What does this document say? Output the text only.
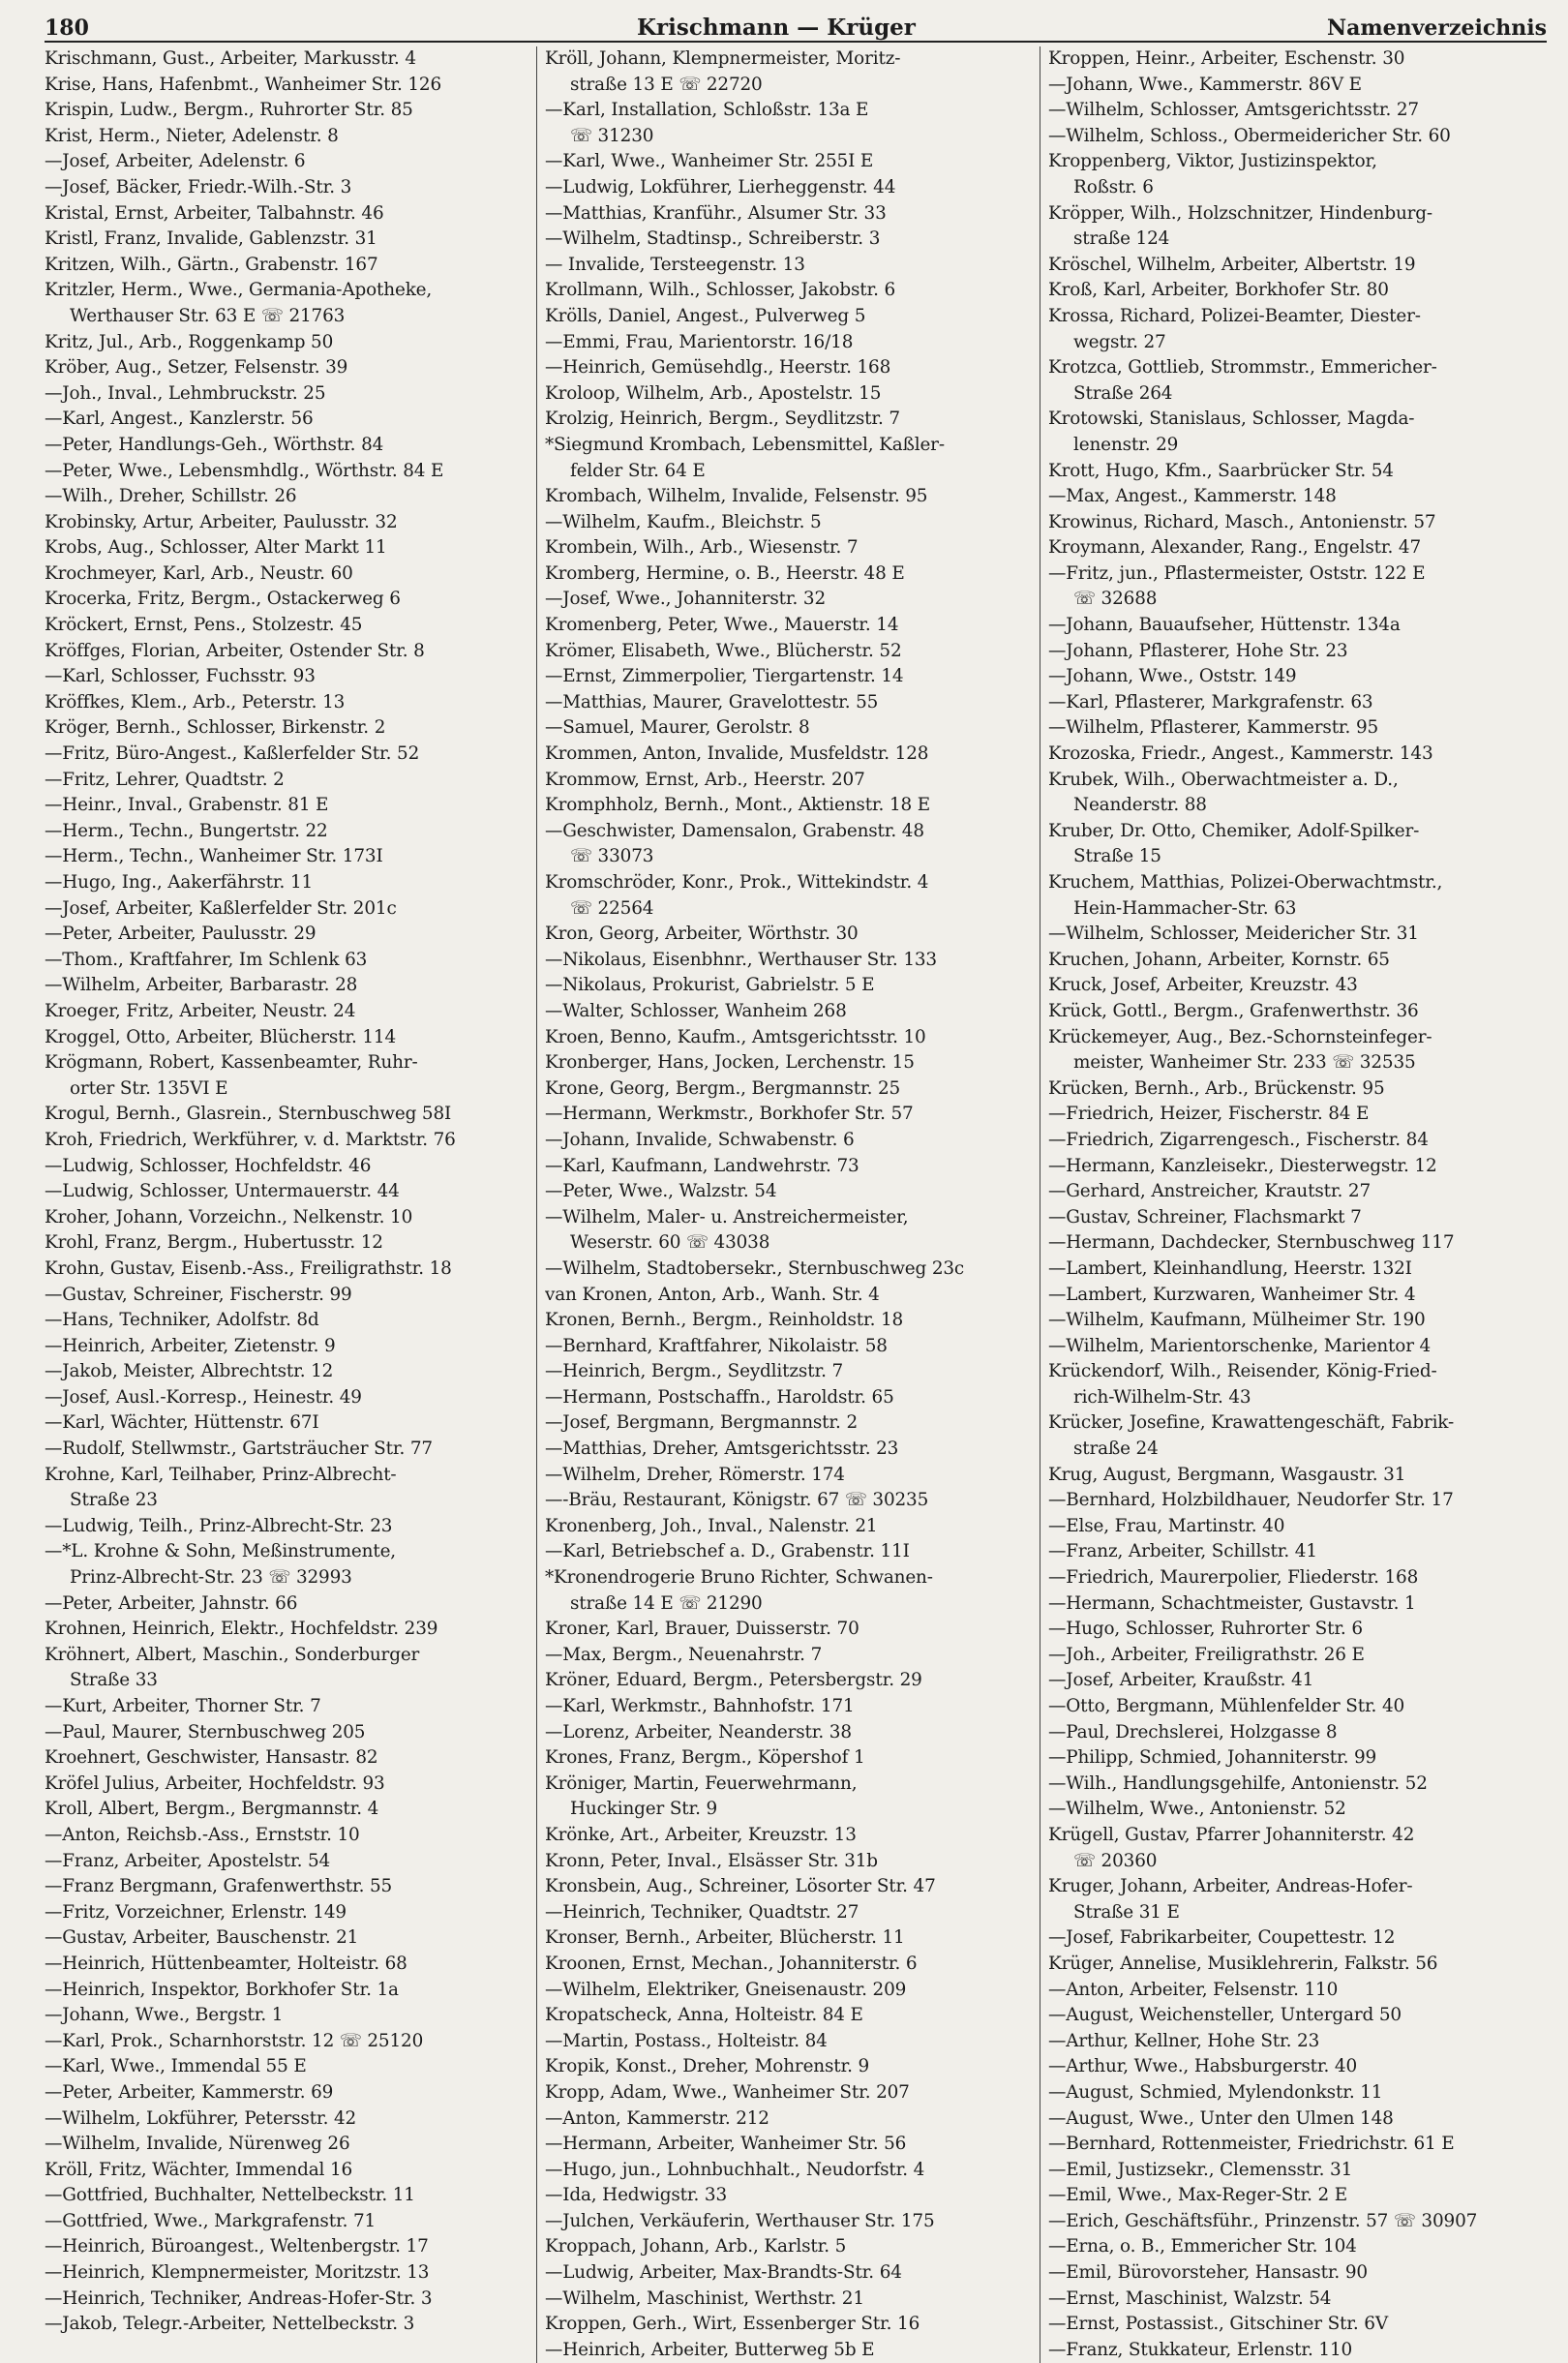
180	Krischmann — Krüger	Namenverzeichnis
Krischmann, Gust., Arbeiter, Markusstr. 4
Krise, Hans, Hafenbmt., Wanheimer Str. 126
Krispin, Ludw., Bergm., Ruhrorter Str. 85
Krist, Herm., Nieter, Adelenstr. 8
—Josef, Arbeiter, Adelenstr. 6
—Josef, Bäcker, Friedr.-Wilh.-Str. 3
Kristal, Ernst, Arbeiter, Talbahnstr. 46
Kristl, Franz, Invalide, Gablenzstr. 31
Kritzen, Wilh., Gärtn., Grabenstr. 167
Kritzler, Herm., Wwe., Germania-Apotheke,
Werthauser Str. 63 E ☏ 21763
Kritz, Jul., Arb., Roggenkamp 50
Kröber, Aug., Setzer, Felsenstr. 39
—Joh., Inval., Lehmbruckstr. 25
—Karl, Angest., Kanzlerstr. 56
—Peter, Handlungs-Geh., Wörthstr. 84
—Peter, Wwe., Lebensmhdlg., Wörthstr. 84 E
—Wilh., Dreher, Schillstr. 26
Krobinsky, Artur, Arbeiter, Paulusstr. 32
Krobs, Aug., Schlosser, Alter Markt 11
Krochmeyer, Karl, Arb., Neustr. 60
Krocerka, Fritz, Bergm., Ostackerweg 6
Kröckert, Ernst, Pens., Stolzestr. 45
Kröffges, Florian, Arbeiter, Ostender Str. 8
—Karl, Schlosser, Fuchsstr. 93
Kröffkes, Klem., Arb., Peterstr. 13
Kröger, Bernh., Schlosser, Birkenstr. 2
—Fritz, Büro-Angest., Kaßlerfelder Str. 52
—Fritz, Lehrer, Quadtstr. 2
—Heinr., Inval., Grabenstr. 81 E
—Herm., Techn., Bungertstr. 22
—Herm., Techn., Wanheimer Str. 173I
—Hugo, Ing., Aakerfährstr. 11
—Josef, Arbeiter, Kaßlerfelder Str. 201c
—Peter, Arbeiter, Paulusstr. 29
—Thom., Kraftfahrer, Im Schlenk 63
—Wilhelm, Arbeiter, Barbarastr. 28
Kroeger, Fritz, Arbeiter, Neustr. 24
Kroggel, Otto, Arbeiter, Blücherstr. 114
Krögmann, Robert, Kassenbeamter, Ruhr-
orter Str. 135VI E
Krogul, Bernh., Glasrein., Sternbuschweg 58I
Kroh, Friedrich, Werkführer, v. d. Marktstr. 76
—Ludwig, Schlosser, Hochfeldstr. 46
—Ludwig, Schlosser, Untermauerstr. 44
Kroher, Johann, Vorzeichn., Nelkenstr. 10
Krohl, Franz, Bergm., Hubertusstr. 12
Krohn, Gustav, Eisenb.-Ass., Freiligrathstr. 18
—Gustav, Schreiner, Fischerstr. 99
—Hans, Techniker, Adolfstr. 8d
—Heinrich, Arbeiter, Zietenstr. 9
—Jakob, Meister, Albrechtstr. 12
—Josef, Ausl.-Korresp., Heinestr. 49
—Karl, Wächter, Hüttenstr. 67I
—Rudolf, Stellwmstr., Gartsträucher Str. 77
Krohne, Karl, Teilhaber, Prinz-Albrecht-
Straße 23
—Ludwig, Teilh., Prinz-Albrecht-Str. 23
—*L. Krohne & Sohn, Meßinstrumente,
Prinz-Albrecht-Str. 23 ☏ 32993
—Peter, Arbeiter, Jahnstr. 66
Krohnen, Heinrich, Elektr., Hochfeldstr. 239
Kröhnert, Albert, Maschin., Sonderburger
Straße 33
—Kurt, Arbeiter, Thorner Str. 7
—Paul, Maurer, Sternbuschweg 205
Kroehnert, Geschwister, Hansastr. 82
Kröfel Julius, Arbeiter, Hochfeldstr. 93
Kroll, Albert, Bergm., Bergmannstr. 4
—Anton, Reichsb.-Ass., Ernststr. 10
—Franz, Arbeiter, Apostelstr. 54
—Franz Bergmann, Grafenwerthstr. 55
—Fritz, Vorzeichner, Erlenstr. 149
—Gustav, Arbeiter, Bauschenstr. 21
—Heinrich, Hüttenbeamter, Holteistr. 68
—Heinrich, Inspektor, Borkhofer Str. 1a
—Johann, Wwe., Bergstr. 1
—Karl, Prok., Scharnhorststr. 12 ☏ 25120
—Karl, Wwe., Immendal 55 E
—Peter, Arbeiter, Kammerstr. 69
—Wilhelm, Lokführer, Petersstr. 42
—Wilhelm, Invalide, Nürenweg 26
Kröll, Fritz, Wächter, Immendal 16
—Gottfried, Buchhalter, Nettelbeckstr. 11
—Gottfried, Wwe., Markgrafenstr. 71
—Heinrich, Büroangest., Weltenbergstr. 17
—Heinrich, Klempnermeister, Moritzstr. 13
—Heinrich, Techniker, Andreas-Hofer-Str. 3
—Jakob, Telegr.-Arbeiter, Nettelbeckstr. 3
Kröll, Johann, Klempnermeister, Moritz-
straße 13 E ☏ 22720
—Karl, Installation, Schloßstr. 13a E
☏ 31230
—Karl, Wwe., Wanheimer Str. 255I E
—Ludwig, Lokführer, Lierheggenstr. 44
—Matthias, Kranführ., Alsumer Str. 33
—Wilhelm, Stadtinsp., Schreiberstr. 3
— Invalide, Tersteegenstr. 13
Krollmann, Wilh., Schlosser, Jakobstr. 6
Krölls, Daniel, Angest., Pulverweg 5
—Emmi, Frau, Marientorstr. 16/18
—Heinrich, Gemüsehdlg., Heerstr. 168
Kroloop, Wilhelm, Arb., Apostelstr. 15
Krolzig, Heinrich, Bergm., Seydlitzstr. 7
*Siegmund Krombach, Lebensmittel, Kaßler-
felder Str. 64 E
Krombach, Wilhelm, Invalide, Felsenstr. 95
—Wilhelm, Kaufm., Bleichstr. 5
Krombein, Wilh., Arb., Wiesenstr. 7
Kromberg, Hermine, o. B., Heerstr. 48 E
—Josef, Wwe., Johanniterstr. 32
Kromenberg, Peter, Wwe., Mauerstr. 14
Krömer, Elisabeth, Wwe., Blücherstr. 52
—Ernst, Zimmerpolier, Tiergartenstr. 14
—Matthias, Maurer, Gravelottestr. 55
—Samuel, Maurer, Gerolstr. 8
Krommen, Anton, Invalide, Musfeldstr. 128
Krommow, Ernst, Arb., Heerstr. 207
Kromphholz, Bernh., Mont., Aktienstr. 18 E
—Geschwister, Damensalon, Grabenstr. 48
☏ 33073
Kromschröder, Konr., Prok., Wittekindstr. 4
☏ 22564
Kron, Georg, Arbeiter, Wörthstr. 30
—Nikolaus, Eisenbhnr., Werthauser Str. 133
—Nikolaus, Prokurist, Gabrielstr. 5 E
—Walter, Schlosser, Wanheim 268
Kroen, Benno, Kaufm., Amtsgerichtsstr. 10
Kronberger, Hans, Jocken, Lerchenstr. 15
Krone, Georg, Bergm., Bergmannstr. 25
—Hermann, Werkmstr., Borkhofer Str. 57
—Johann, Invalide, Schwabenstr. 6
—Karl, Kaufmann, Landwehrstr. 73
—Peter, Wwe., Walzstr. 54
—Wilhelm, Maler- u. Anstreichermeister,
Weserstr. 60 ☏ 43038
—Wilhelm, Stadtobersekr., Sternbuschweg 23c
van Kronen, Anton, Arb., Wanh. Str. 4
Kronen, Bernh., Bergm., Reinholdstr. 18
—Bernhard, Kraftfahrer, Nikolaistr. 58
—Heinrich, Bergm., Seydlitzstr. 7
—Hermann, Postschaffn., Haroldstr. 65
—Josef, Bergmann, Bergmannstr. 2
—Matthias, Dreher, Amtsgerichtsstr. 23
—Wilhelm, Dreher, Römerstr. 174
—-Bräu, Restaurant, Königstr. 67 ☏ 30235
Kronenberg, Joh., Inval., Nalenstr. 21
—Karl, Betriebschef a. D., Grabenstr. 11I
*Kronendrogerie Bruno Richter, Schwanen-
straße 14 E ☏ 21290
Kroner, Karl, Brauer, Duisserstr. 70
—Max, Bergm., Neuenahrstr. 7
Kröner, Eduard, Bergm., Petersbergstr. 29
—Karl, Werkmstr., Bahnhofstr. 171
—Lorenz, Arbeiter, Neanderstr. 38
Krones, Franz, Bergm., Köpershof 1
Kröniger, Martin, Feuerwehrmann,
Huckinger Str. 9
Krönke, Art., Arbeiter, Kreuzstr. 13
Kronn, Peter, Inval., Elsässer Str. 31b
Kronsbein, Aug., Schreiner, Lösorter Str. 47
—Heinrich, Techniker, Quadtstr. 27
Kronser, Bernh., Arbeiter, Blücherstr. 11
Kroonen, Ernst, Mechan., Johanniterstr. 6
—Wilhelm, Elektriker, Gneisenaustr. 209
Kropatscheck, Anna, Holteistr. 84 E
—Martin, Postass., Holteistr. 84
Kropik, Konst., Dreher, Mohrenstr. 9
Kropp, Adam, Wwe., Wanheimer Str. 207
—Anton, Kammerstr. 212
—Hermann, Arbeiter, Wanheimer Str. 56
—Hugo, jun., Lohnbuchhalt., Neudorfstr. 4
—Ida, Hedwigstr. 33
—Julchen, Verkäuferin, Werthauser Str. 175
Kroppach, Johann, Arb., Karlstr. 5
—Ludwig, Arbeiter, Max-Brandts-Str. 64
—Wilhelm, Maschinist, Werthstr. 21
Kroppen, Gerh., Wirt, Essenberger Str. 16
—Heinrich, Arbeiter, Butterweg 5b E
Kroppen, Heinr., Arbeiter, Eschenstr. 30
—Johann, Wwe., Kammerstr. 86V E
—Wilhelm, Schlosser, Amtsgerichtsstr. 27
—Wilhelm, Schloss., Obermeidericher Str. 60
Kroppenberg, Viktor, Justizinspektor,
Roßstr. 6
Kröpper, Wilh., Holzschnitzer, Hindenburg-
straße 124
Kröschel, Wilhelm, Arbeiter, Albertstr. 19
Kroß, Karl, Arbeiter, Borkhofer Str. 80
Krossa, Richard, Polizei-Beamter, Diester-
wegstr. 27
Krotzca, Gottlieb, Strommstr., Emmericher-
Straße 264
Krotowski, Stanislaus, Schlosser, Magda-
lenenstr. 29
Krott, Hugo, Kfm., Saarbrücker Str. 54
—Max, Angest., Kammerstr. 148
Krowinus, Richard, Masch., Antonienstr. 57
Kroymann, Alexander, Rang., Engelstr. 47
—Fritz, jun., Pflastermeister, Oststr. 122 E
☏ 32688
—Johann, Bauaufseher, Hüttenstr. 134a
—Johann, Pflasterer, Hohe Str. 23
—Johann, Wwe., Oststr. 149
—Karl, Pflasterer, Markgrafenstr. 63
—Wilhelm, Pflasterer, Kammerstr. 95
Krozoska, Friedr., Angest., Kammerstr. 143
Krubek, Wilh., Oberwachtmeister a. D.,
Neanderstr. 88
Kruber, Dr. Otto, Chemiker, Adolf-Spilker-
Straße 15
Kruchem, Matthias, Polizei-Oberwachtmstr.,
Hein-Hammacher-Str. 63
—Wilhelm, Schlosser, Meidericher Str. 31
Kruchen, Johann, Arbeiter, Kornstr. 65
Kruck, Josef, Arbeiter, Kreuzstr. 43
Krück, Gottl., Bergm., Grafenwerthstr. 36
Krückemeyer, Aug., Bez.-Schornsteinfeger-
meister, Wanheimer Str. 233 ☏ 32535
Krücken, Bernh., Arb., Brückenstr. 95
—Friedrich, Heizer, Fischerstr. 84 E
—Friedrich, Zigarrengesch., Fischerstr. 84
—Hermann, Kanzleisekr., Diesterwegstr. 12
—Gerhard, Anstreicher, Krautstr. 27
—Gustav, Schreiner, Flachsmarkt 7
—Hermann, Dachdecker, Sternbuschweg 117
—Lambert, Kleinhandlung, Heerstr. 132I
—Lambert, Kurzwaren, Wanheimer Str. 4
—Wilhelm, Kaufmann, Mülheimer Str. 190
—Wilhelm, Marientorschenke, Marientor 4
Krückendorf, Wilh., Reisender, König-Fried-
rich-Wilhelm-Str. 43
Krücker, Josefine, Krawattengeschäft, Fabrik-
straße 24
Krug, August, Bergmann, Wasgaustr. 31
—Bernhard, Holzbildhauer, Neudorfer Str. 17
—Else, Frau, Martinstr. 40
—Franz, Arbeiter, Schillstr. 41
—Friedrich, Maurerpolier, Fliederstr. 168
—Hermann, Schachtmeister, Gustavstr. 1
—Hugo, Schlosser, Ruhrorter Str. 6
—Joh., Arbeiter, Freiligrathstr. 26 E
—Josef, Arbeiter, Kraußstr. 41
—Otto, Bergmann, Mühlenfelder Str. 40
—Paul, Drechslerei, Holzgasse 8
—Philipp, Schmied, Johanniterstr. 99
—Wilh., Handlungsgehilfe, Antonienstr. 52
—Wilhelm, Wwe., Antonienstr. 52
Krügell, Gustav, Pfarrer Johanniterstr. 42
☏ 20360
Kruger, Johann, Arbeiter, Andreas-Hofer-
Straße 31 E
—Josef, Fabrikarbeiter, Coupettestr. 12
Krüger, Annelise, Musiklehrerin, Falkstr. 56
—Anton, Arbeiter, Felsenstr. 110
—August, Weichensteller, Untergard 50
—Arthur, Kellner, Hohe Str. 23
—Arthur, Wwe., Habsburgerstr. 40
—August, Schmied, Mylendonkstr. 11
—August, Wwe., Unter den Ulmen 148
—Bernhard, Rottenmeister, Friedrichstr. 61 E
—Emil, Justizsekr., Clemensstr. 31
—Emil, Wwe., Max-Reger-Str. 2 E
—Erich, Geschäftsführ., Prinzenstr. 57 ☏ 30907
—Erna, o. B., Emmericher Str. 104
—Emil, Bürovorsteher, Hansastr. 90
—Ernst, Maschinist, Walzstr. 54
—Ernst, Postassist., Gitschiner Str. 6V
—Franz, Stukkateur, Erlenstr. 110
